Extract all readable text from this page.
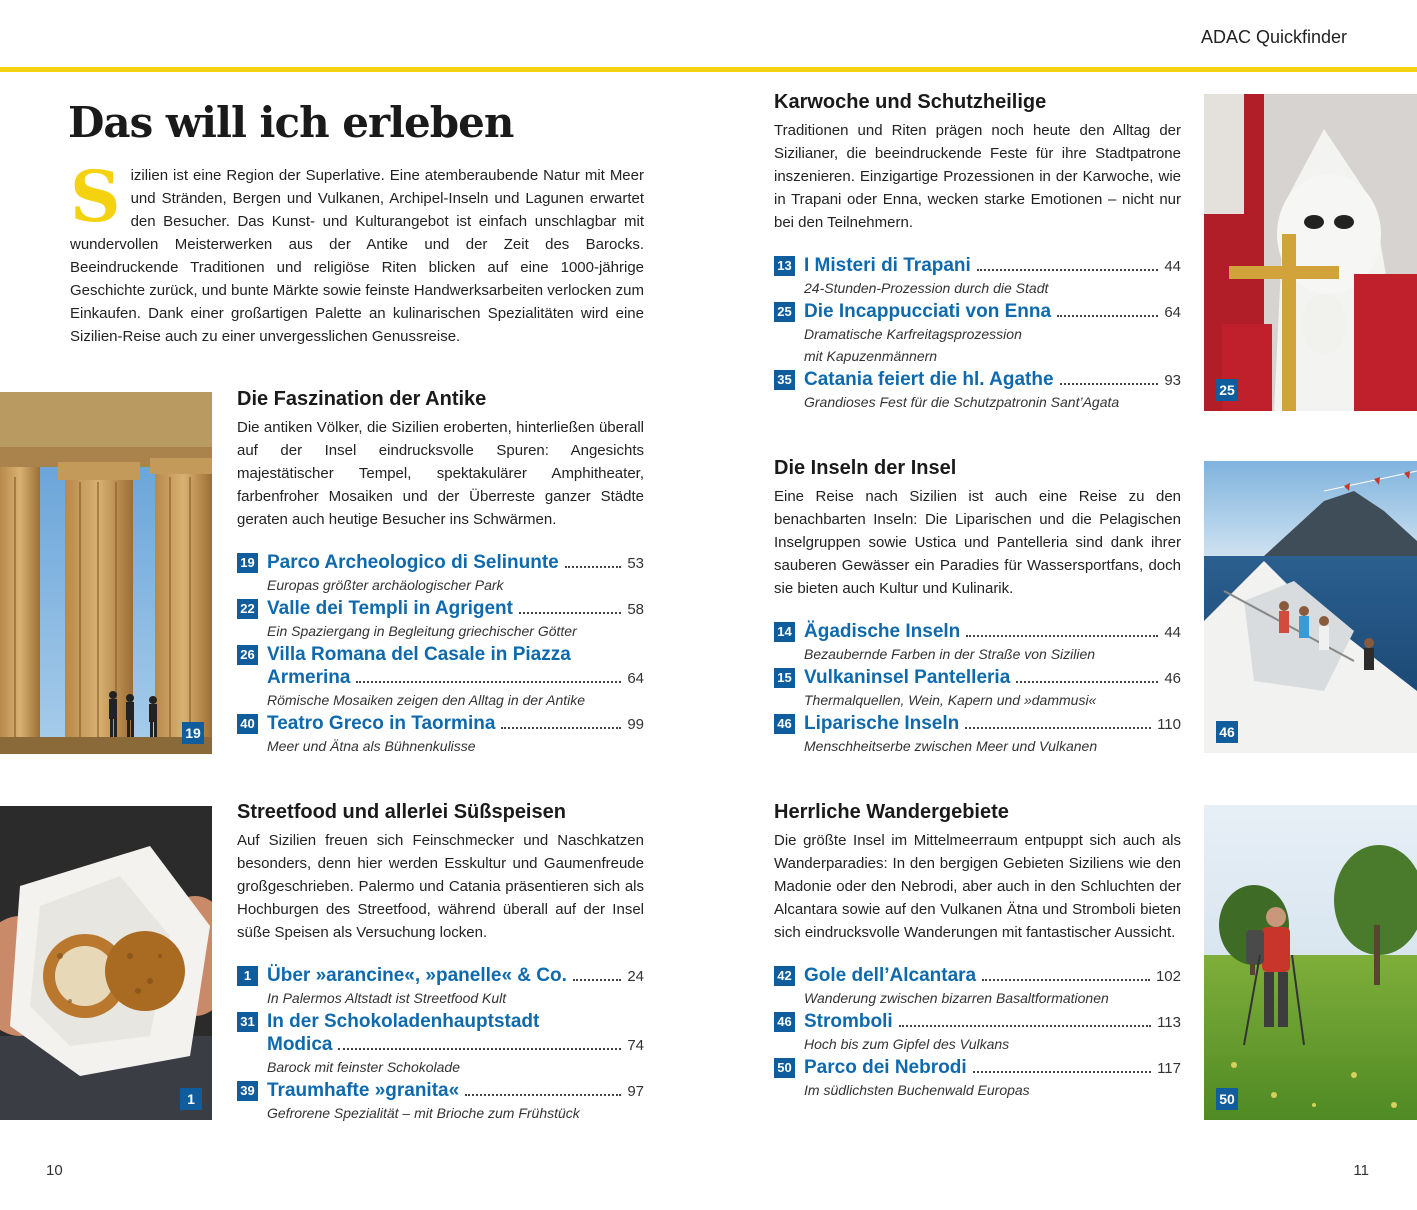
ADAC Quickfinder
Das will ich erleben
S izilien ist eine Region der Superlative. Eine atemberaubende Natur mit Meer und Stränden, Bergen und Vulkanen, Archipel-Inseln und Lagunen erwartet den Besucher. Das Kunst- und Kulturangebot ist einfach unschlagbar mit wundervollen Meisterwerken aus der Antike und der Zeit des Barocks. Beeindruckende Traditionen und religiöse Riten blicken auf eine 1000-jährige Geschichte zurück, und bunte Märkte sowie feinste Handwerksarbeiten verlocken zum Einkaufen. Dank einer großartigen Palette an kulinarischen Spezialitäten wird eine Sizilien-Reise auch zu einer unvergesslichen Genussreise.
19
Die Faszination der Antike
Die antiken Völker, die Sizilien eroberten, hinterließen überall auf der Insel eindrucksvolle Spuren: Angesichts majestätischer Tempel, spektakulärer Amphitheater, farbenfroher Mosaiken und der Überreste ganzer Städte geraten auch heutige Besucher ins Schwärmen.
19 Parco Archeologico di Selinunte	53
Europas größter archäologischer Park
22 Valle dei Templi in Agrigent	58
Ein Spaziergang in Begleitung griechischer Götter
26 Villa Romana del Casale in Piazza
Armerina	64
Römische Mosaiken zeigen den Alltag in der Antike
40 Teatro Greco in Taormina	99
Meer und Ätna als Bühnenkulisse
1
Streetfood und allerlei Süßspeisen
Auf Sizilien freuen sich Feinschmecker und Naschkatzen besonders, denn hier werden Esskultur und Gaumenfreude großgeschrieben. Palermo und Catania präsentieren sich als Hochburgen des Streetfood, während überall auf der Insel süße Speisen als Versuchung locken.
1 Über »arancine«, »panelle« & Co.	24
In Palermos Altstadt ist Streetfood Kult
31 In der Schokoladenhauptstadt
Modica	74
Barock mit feinster Schokolade
39 Traumhafte »granita«	97
Gefrorene Spezialität – mit Brioche zum Frühstück
Karwoche und Schutzheilige
Traditionen und Riten prägen noch heute den Alltag der Sizilianer, die beeindruckende Feste für ihre Stadtpatrone inszenieren. Einzigartige Prozessionen in der Karwoche, wie in Trapani oder Enna, wecken starke Emotionen – nicht nur bei den Teilnehmern.
13 I Misteri di Trapani	44
24-Stunden-Prozession durch die Stadt
25 Die Incappucciati von Enna	64
Dramatische Karfreitagsprozession
mit Kapuzenmännern
35 Catania feiert die hl. Agathe	93
Grandioses Fest für die Schutzpatronin Sant’Agata
25
Die Inseln der Insel
Eine Reise nach Sizilien ist auch eine Reise zu den benachbarten Inseln: Die Liparischen und die Pelagischen Inselgruppen sowie Ustica und Pantelleria sind dank ihrer sauberen Gewässer ein Paradies für Wassersportfans, doch sie bieten auch Kultur und Kulinarik.
14 Ägadische Inseln	44
Bezaubernde Farben in der Straße von Sizilien
15 Vulkaninsel Pantelleria	46
Thermalquellen, Wein, Kapern und »dammusi«
46 Liparische Inseln	110
Menschheitserbe zwischen Meer und Vulkanen
46
Herrliche Wandergebiete
Die größte Insel im Mittelmeerraum entpuppt sich auch als Wanderparadies: In den bergigen Gebieten Siziliens wie den Madonie oder den Nebrodi, aber auch in den Schluchten der Alcantara sowie auf den Vulkanen Ätna und Stromboli bieten sich eindrucksvolle Wanderungen mit fantastischer Aussicht.
42 Gole dell’Alcantara	102
Wanderung zwischen bizarren Basaltformationen
46 Stromboli	113
Hoch bis zum Gipfel des Vulkans
50 Parco dei Nebrodi	117
Im südlichsten Buchenwald Europas
50
10	11
